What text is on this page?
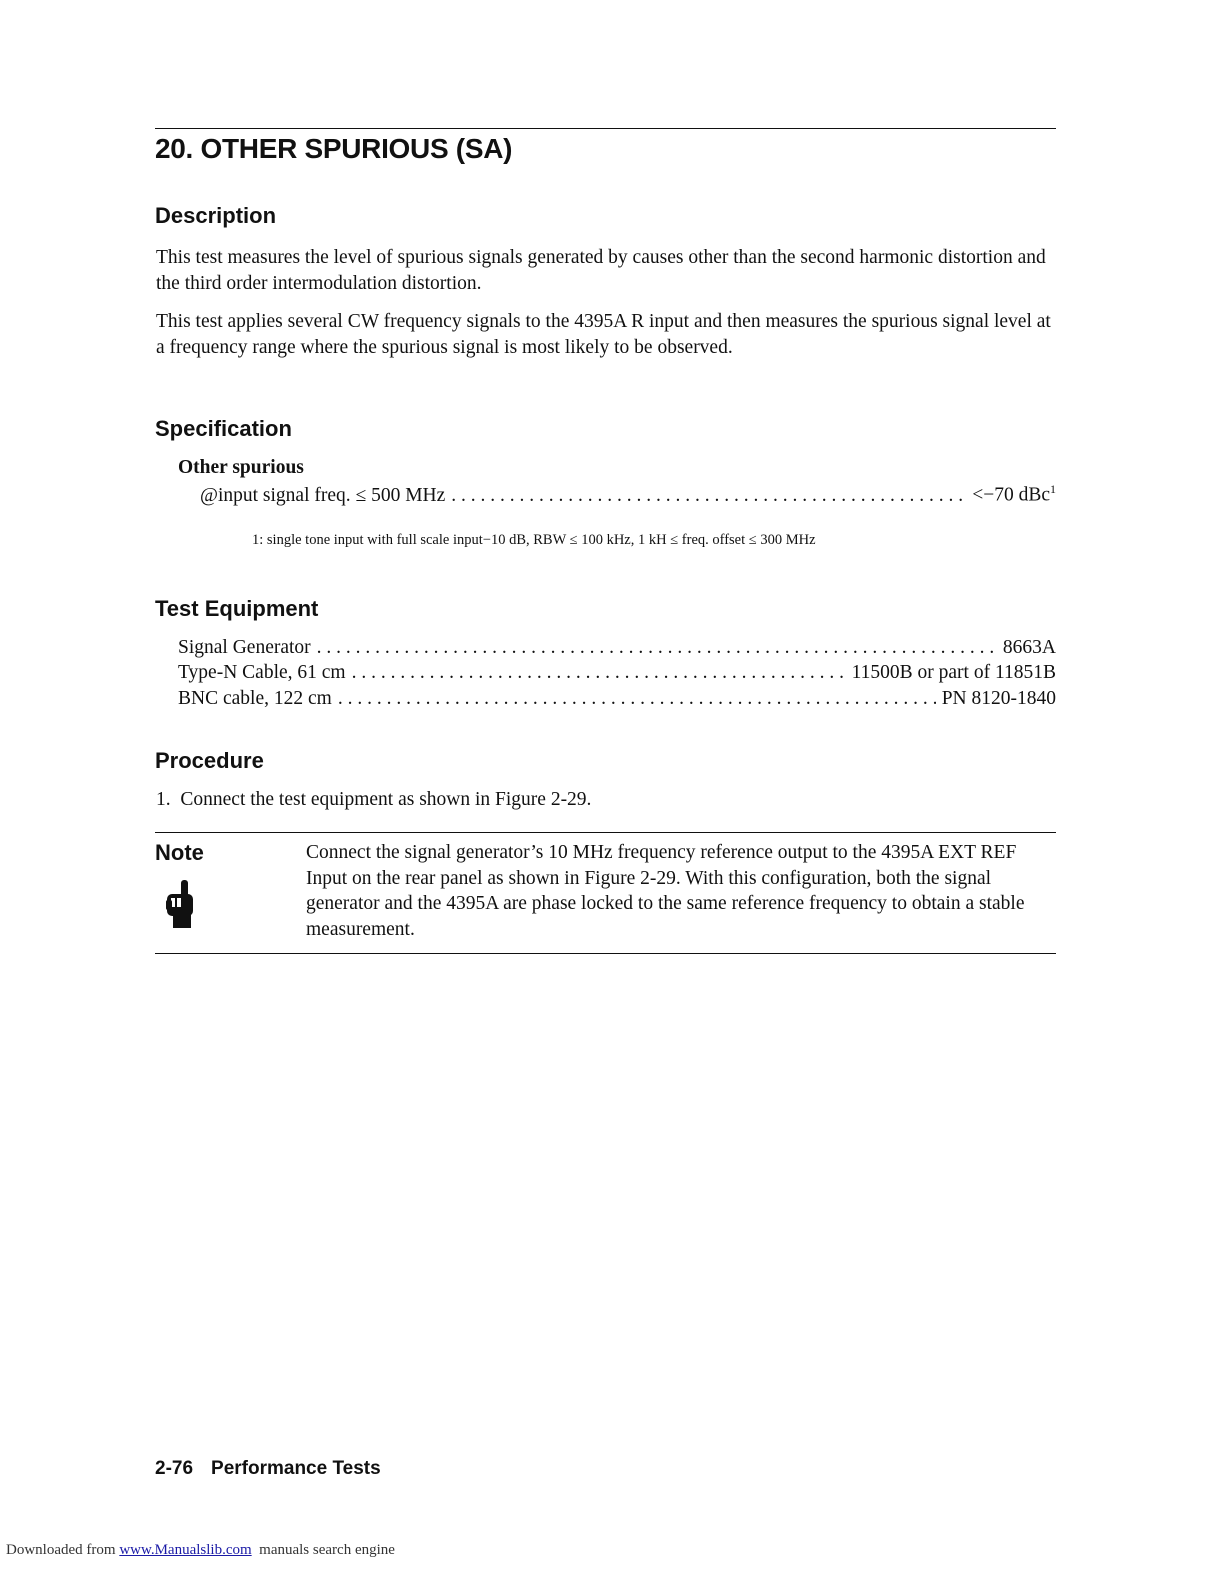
20. OTHER SPURIOUS (SA)
Description
This test measures the level of spurious signals generated by causes other than the second harmonic distortion and the third order intermodulation distortion.
This test applies several CW frequency signals to the 4395A R input and then measures the spurious signal level at a frequency range where the spurious signal is most likely to be observed.
Specification
Other spurious
@input signal freq. ≤ 500 MHz . . .	<−70 dBc$^1$
1: single tone input with full scale input−10 dB, RBW ≤ 100 kHz, 1 kH ≤ freq. offset ≤ 300 MHz
Test Equipment
Signal Generator . . .	8663A
Type-N Cable, 61 cm . . .	11500B or part of 11851B
BNC cable, 122 cm . . .	PN 8120-1840
Procedure
1.  Connect the test equipment as shown in Figure 2-29.
Note	Connect the signal generator’s 10 MHz frequency reference output to the 4395A EXT REF Input on the rear panel as shown in Figure 2-29. With this configuration, both the signal generator and the 4395A are phase locked to the same reference frequency to obtain a stable measurement.
2-76 Performance Tests
Downloaded from www.Manualslib.com  manuals search engine
